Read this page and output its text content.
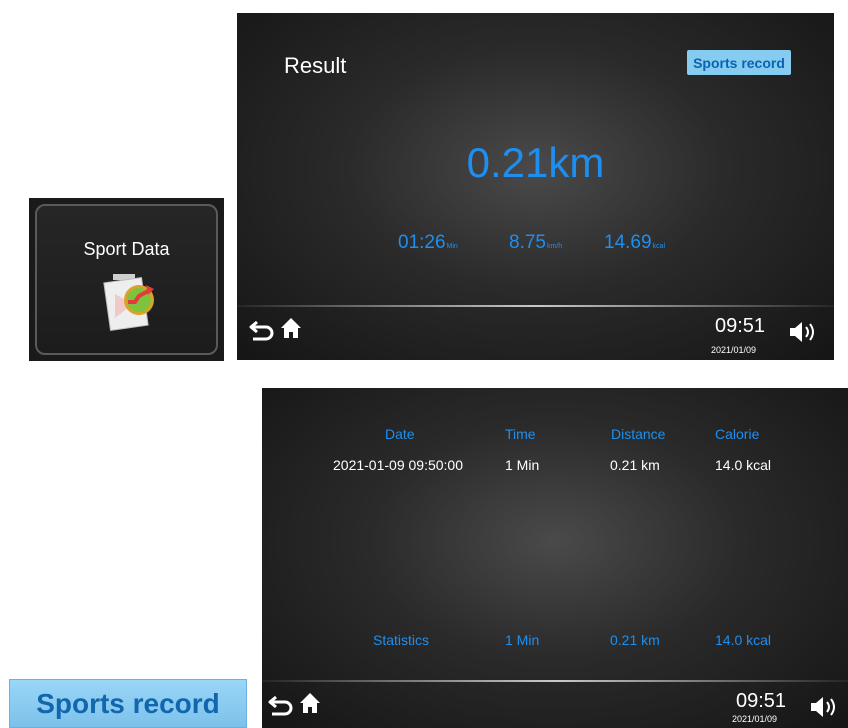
Sport Data
Result	Sports record
0.21km
01:26Min	8.75km/h 14.69kcal
09:51
2021/01/09
Date	Time	Distance	Calorie
2021-01-09 09:50:00	1 Min	0.21 km	14.0 kcal
Statistics	1 Min	0.21 km	14.0 kcal
09:51
2021/01/09
Sports record
